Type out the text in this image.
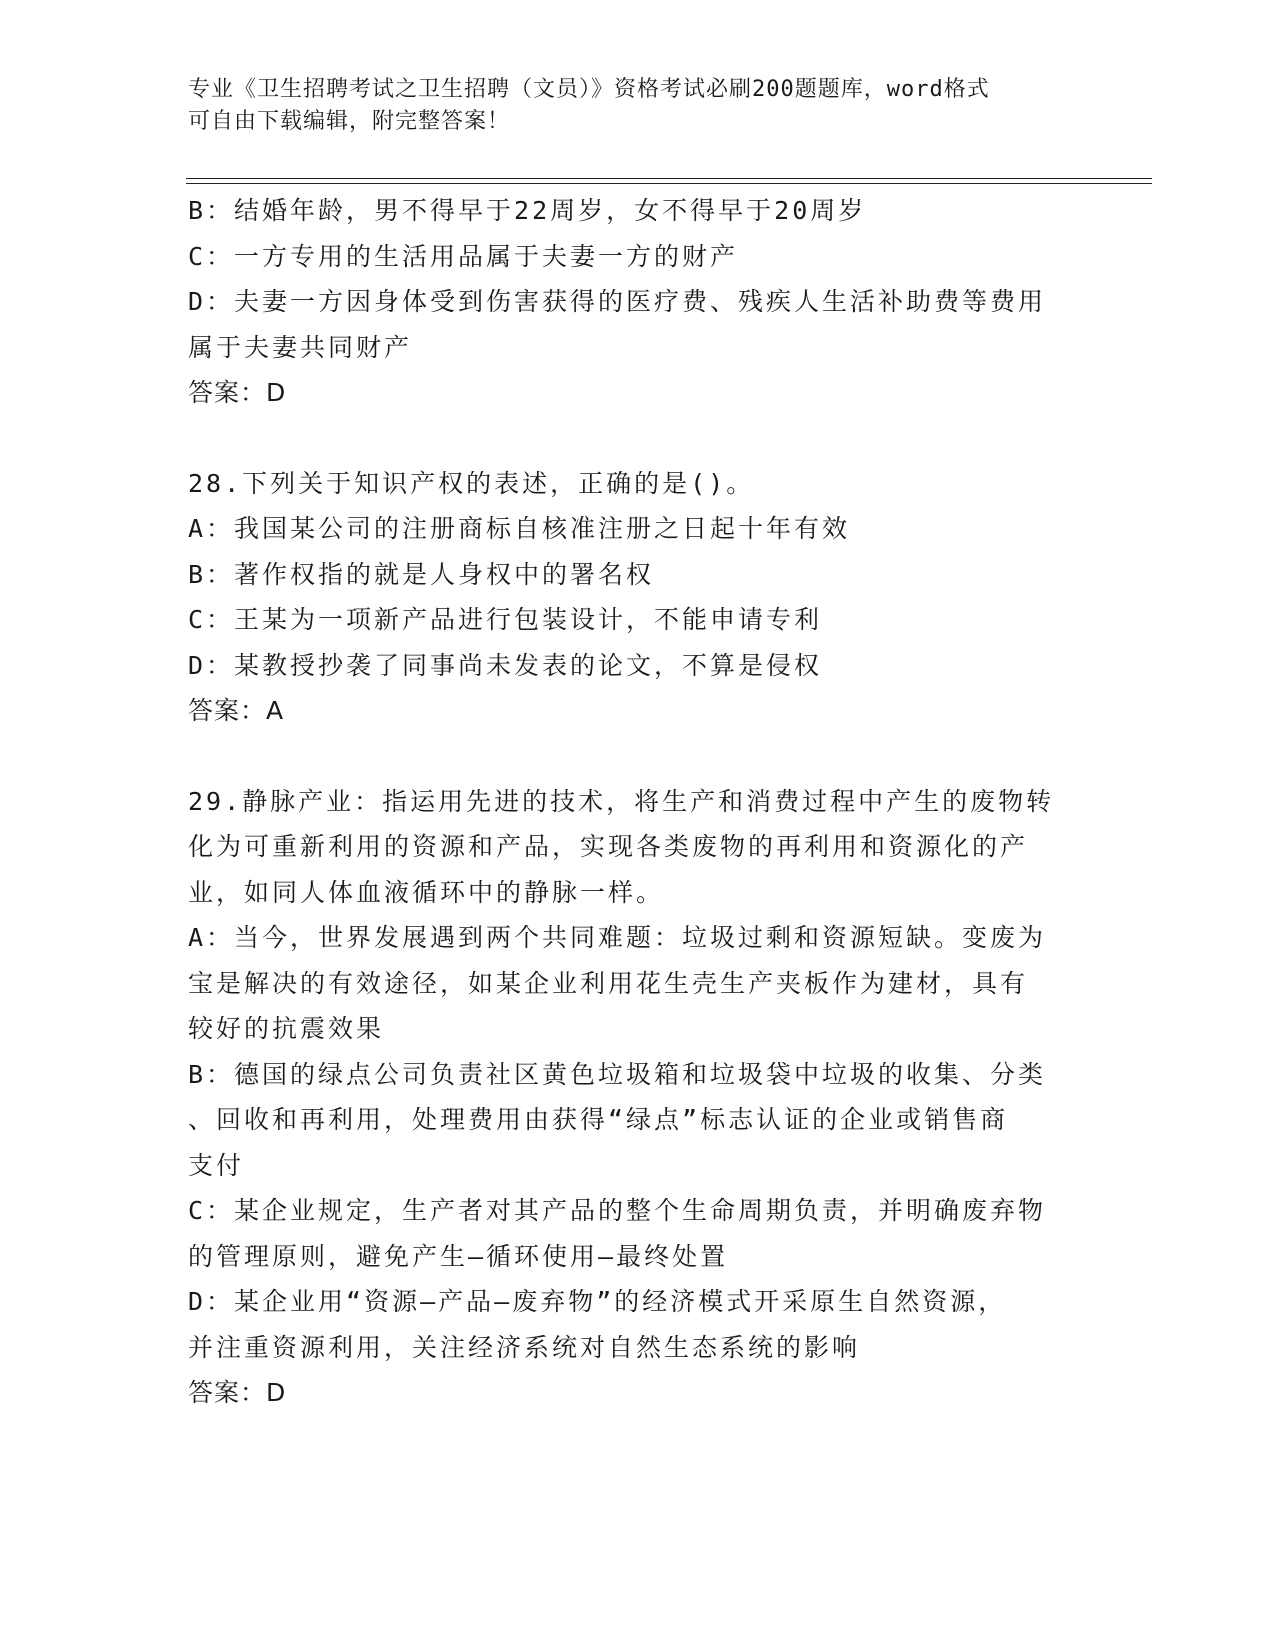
专业《卫生招聘考试之卫生招聘（文员）》资格考试必刷200题题库，word格式
可自由下载编辑，附完整答案！
B：结婚年龄，男不得早于22周岁，女不得早于20周岁
C：一方专用的生活用品属于夫妻一方的财产
D：夫妻一方因身体受到伤害获得的医疗费、残疾人生活补助费等费用
属于夫妻共同财产
答案：D
28.下列关于知识产权的表述，正确的是()。
A：我国某公司的注册商标自核准注册之日起十年有效
B：著作权指的就是人身权中的署名权
C：王某为一项新产品进行包装设计，不能申请专利
D：某教授抄袭了同事尚未发表的论文，不算是侵权
答案：A
29.静脉产业：指运用先进的技术，将生产和消费过程中产生的废物转
化为可重新利用的资源和产品，实现各类废物的再利用和资源化的产
业，如同人体血液循环中的静脉一样。
A：当今，世界发展遇到两个共同难题：垃圾过剩和资源短缺。变废为
宝是解决的有效途径，如某企业利用花生壳生产夹板作为建材，具有
较好的抗震效果
B：德国的绿点公司负责社区黄色垃圾箱和垃圾袋中垃圾的收集、分类
、回收和再利用，处理费用由获得“绿点”标志认证的企业或销售商
支付
C：某企业规定，生产者对其产品的整个生命周期负责，并明确废弃物
的管理原则，避免产生—循环使用—最终处置
D：某企业用“资源—产品—废弃物”的经济模式开采原生自然资源，
并注重资源利用，关注经济系统对自然生态系统的影响
答案：D
